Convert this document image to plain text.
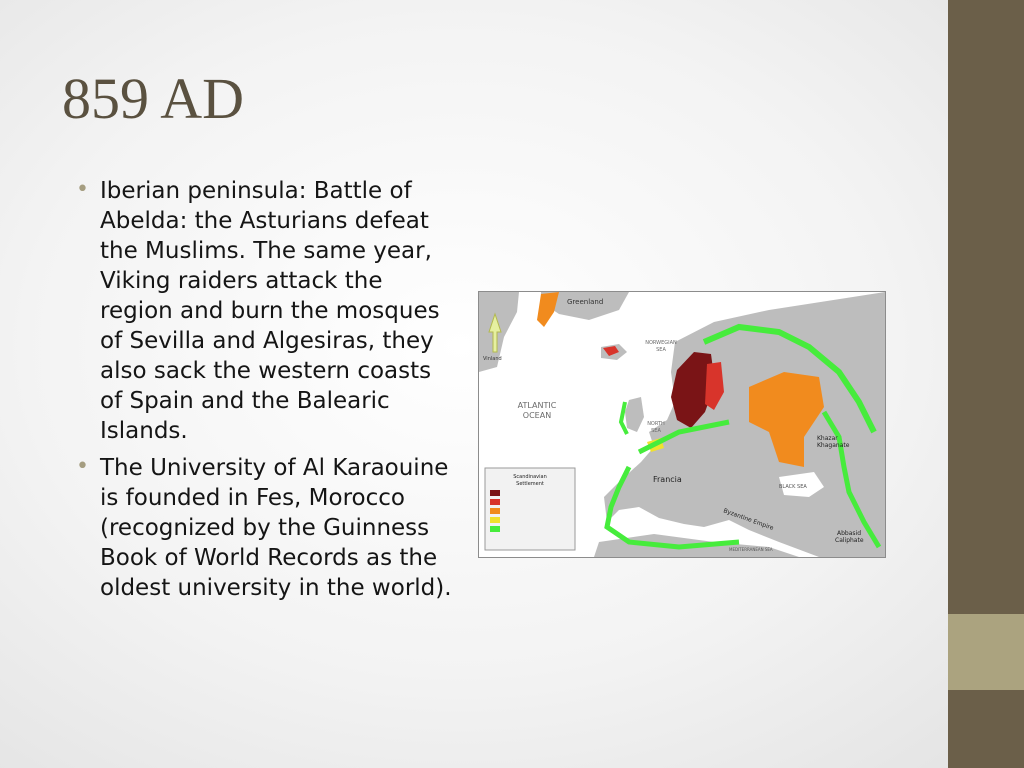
859 AD
• Iberian peninsula: Battle of Abelda: the Asturians defeat the Muslims. The same year, Viking raiders attack the region and burn the mosques of Sevilla and Algesiras, they also sack the western coasts of Spain and the Balearic Islands.
• The University of Al Karaouine is founded in Fes, Morocco (recognized by the Guinness Book of World Records as the oldest university in the world).
Scandinavian
Settlement
Greenland
Vinland
ATLANTIC
OCEAN
NORWEGIAN
SEA
NORTH
SEA
Francia
Khazar
Khaganate
BLACK SEA
Byzantine Empire
Abbasid
Caliphate
MEDITERRANEAN SEA
